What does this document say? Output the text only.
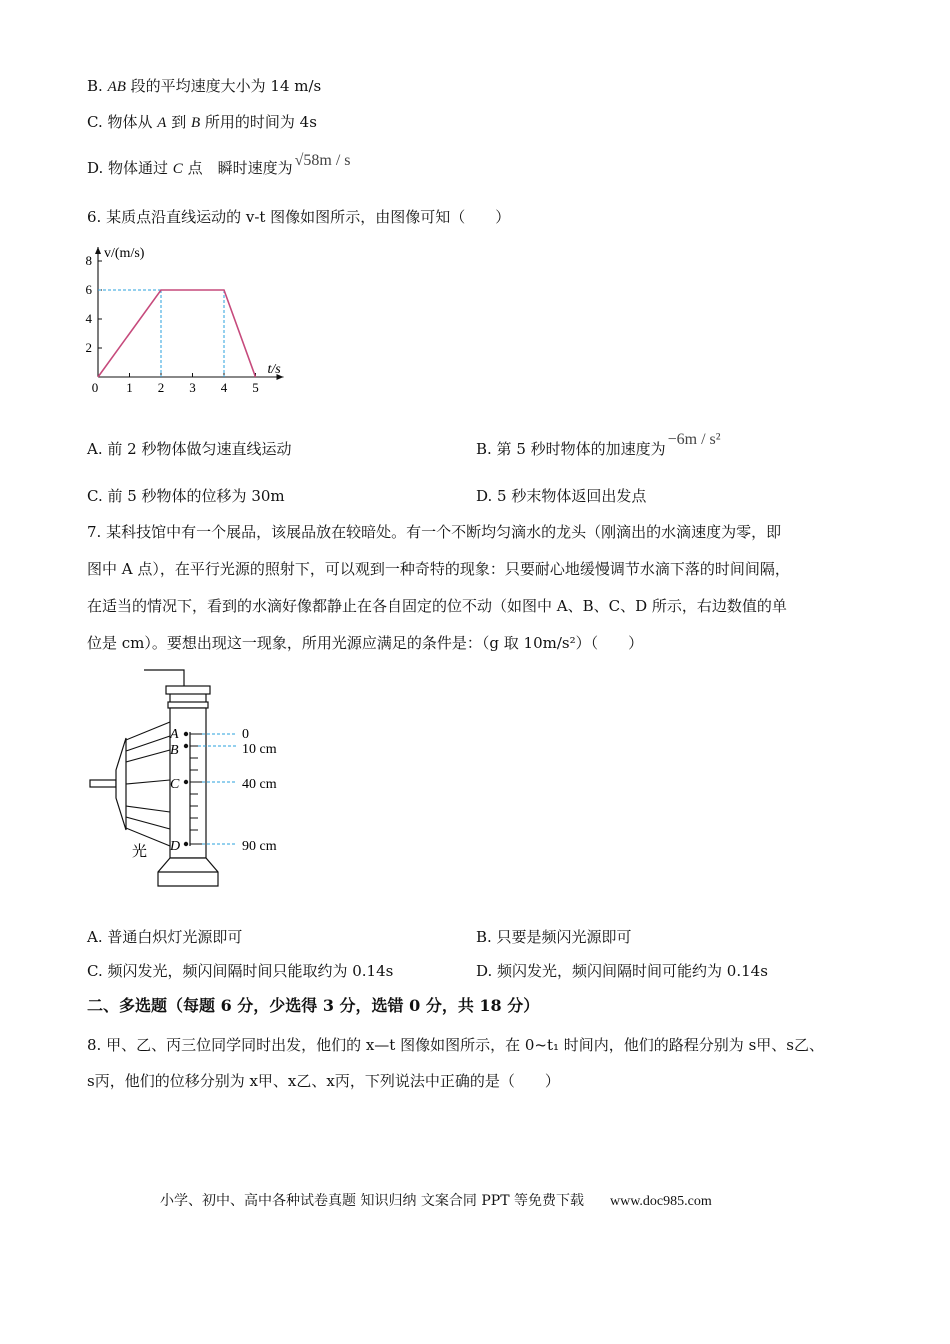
B. AB 段的平均速度大小为 14 m/s
C. 物体从 A 到 B 所用的时间为 4s
D. 物体通过 C 点　瞬时速度为 √58m / s
6. 某质点沿直线运动的 v-t 图像如图所示，由图像可知（　　）
0 1 2 3 4 5
2
4
6
8 v/(m/s)
t/s
A. 前 2 秒物体做匀速直线运动	B. 第 5 秒时物体的加速度为−6m / s²
C. 前 5 秒物体的位移为 30m	D. 5 秒末物体返回出发点
7. 某科技馆中有一个展品，该展品放在较暗处。有一个不断均匀滴水的龙头（刚滴出的水滴速度为零，即
图中 A 点），在平行光源的照射下，可以观到一种奇特的现象：只要耐心地缓慢调节水滴下落的时间间隔，
在适当的情况下，看到的水滴好像都静止在各自固定的位不动（如图中 A、B、C、D 所示，右边数值的单
位是 cm）。要想出现这一现象，所用光源应满足的条件是：（g 取 10m/s²）（　　）
A
B
C
D
0
10 cm
40 cm
90 cm
光
A. 普通白炽灯光源即可	B. 只要是频闪光源即可
C. 频闪发光，频闪间隔时间只能取约为 0.14s	D. 频闪发光，频闪间隔时间可能约为 0.14s
二、多选题（每题 6 分，少选得 3 分，选错 0 分，共 18 分）
8. 甲、乙、丙三位同学同时出发，他们的 x—t 图像如图所示，在 0~t₁ 时间内，他们的路程分别为 s甲、s乙、
s丙，他们的位移分别为 x甲、x乙、x丙，下列说法中正确的是（　　）
小学、初中、高中各种试卷真题 知识归纳 文案合同 PPT 等免费下载 www.doc985.com
